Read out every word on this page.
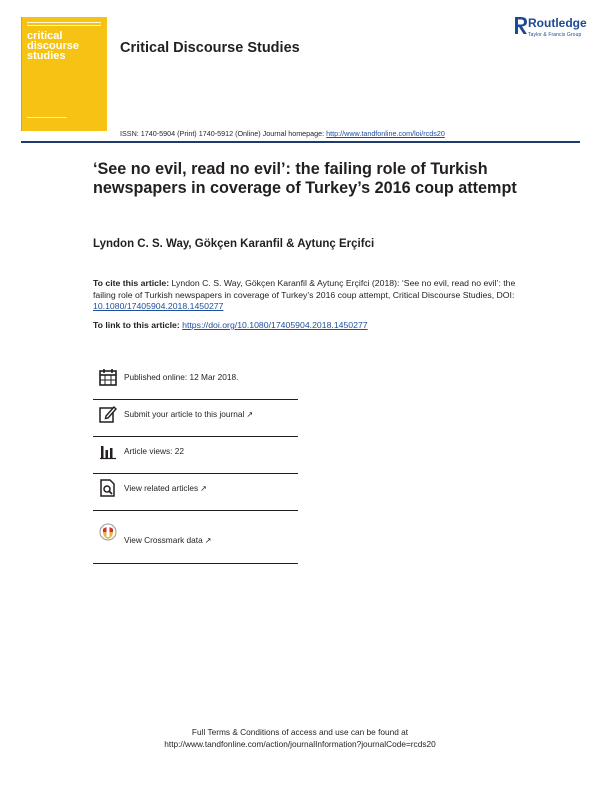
critical
discourse
studies	Critical Discourse Studies
Routledge
Taylor & Francis Group
ISSN: 1740-5904 (Print) 1740-5912 (Online) Journal homepage: http://www.tandfonline.com/loi/rcds20
‘See no evil, read no evil’: the failing role of Turkish newspapers in coverage of Turkey’s 2016 coup attempt
Lyndon C. S. Way, Gökçen Karanfil & Aytunç Erçifci
To cite this article: Lyndon C. S. Way, Gökçen Karanfil & Aytunç Erçifci (2018): ‘See no evil, read no evil’: the failing role of Turkish newspapers in coverage of Turkey’s 2016 coup attempt, Critical Discourse Studies, DOI: 10.1080/17405904.2018.1450277
To link to this article: https://doi.org/10.1080/17405904.2018.1450277
Published online: 12 Mar 2018.
Submit your article to this journal ↗
Article views: 22
View related articles ↗
View Crossmark data ↗
Full Terms & Conditions of access and use can be found at
http://www.tandfonline.com/action/journalInformation?journalCode=rcds20
